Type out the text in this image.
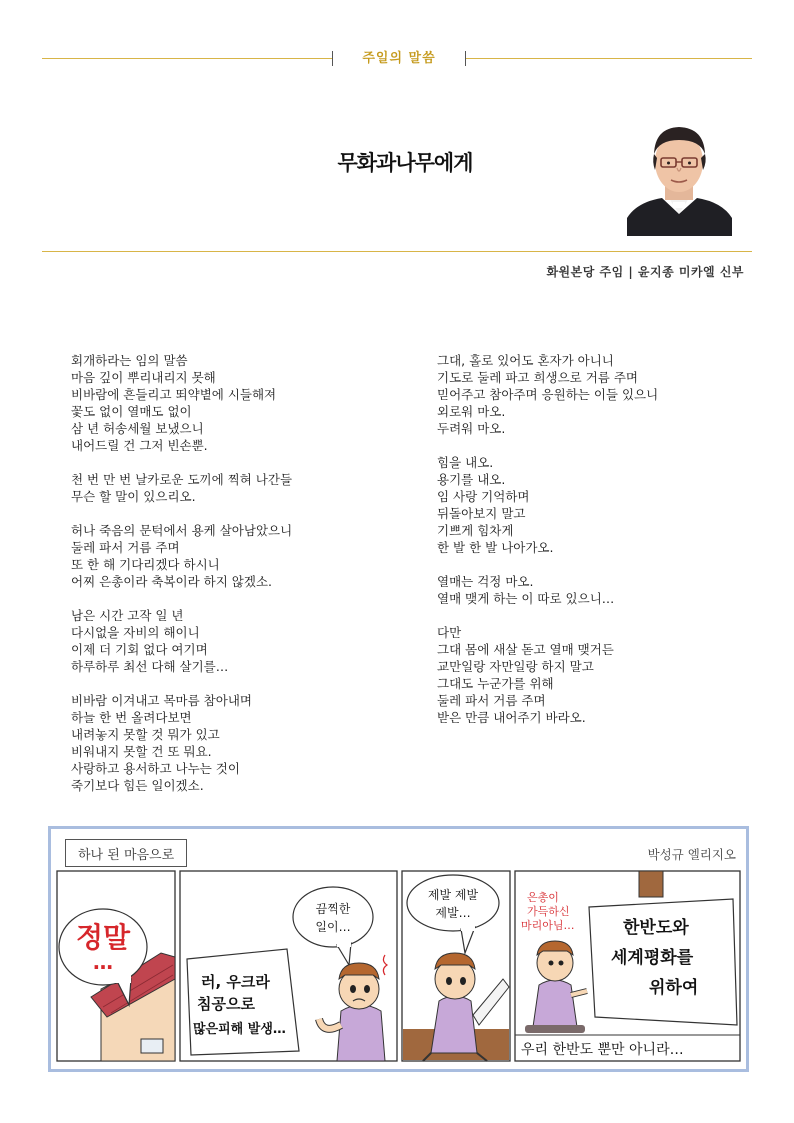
주일의 말씀
무화과나무에게
화원본당 주임 | 윤지종 미카엘 신부
회개하라는 임의 말씀
마음 깊이 뿌리내리지 못해
비바람에 흔들리고 뙤약볕에 시들해져
꽃도 없이 열매도 없이
삼 년 허송세월 보냈으니
내어드릴 건 그저 빈손뿐.
천 번 만 번 날카로운 도끼에 찍혀 나간들
무슨 할 말이 있으리오.
허나 죽음의 문턱에서 용케 살아남았으니
둘레 파서 거름 주며
또 한 해 기다리겠다 하시니
어찌 은총이라 축복이라 하지 않겠소.
남은 시간 고작 일 년
다시없을 자비의 해이니
이제 더 기회 없다 여기며
하루하루 최선 다해 살기를…
비바람 이겨내고 목마름 참아내며
하늘 한 번 올려다보면
내려놓지 못할 것 뭐가 있고
비워내지 못할 건 또 뭐요.
사랑하고 용서하고 나누는 것이
죽기보다 힘든 일이겠소.
그대, 홀로 있어도 혼자가 아니니
기도로 둘레 파고 희생으로 거름 주며
믿어주고 참아주며 응원하는 이들 있으니
외로워 마오.
두려워 마오.
힘을 내오.
용기를 내오.
임 사랑 기억하며
뒤돌아보지 말고
기쁘게 힘차게
한 발 한 발 나아가오.
열매는 걱정 마오.
열매 맺게 하는 이 따로 있으니…
다만
그대 몸에 새살 돋고 열매 맺거든
교만일랑 자만일랑 하지 말고
그대도 누군가를 위해
둘레 파서 거름 주며
받은 만큼 내어주기 바라오.
정말
…
러, 우크라
침공으로
많은피해 발생…
끔찍한
일이…
제발 제발
제발…
한반도와
세계평화를
위하여
은총이
가득하신
마리아님…
우리 한반도 뿐만 아니라…
하나 된 마음으로	박성규 엘리지오
